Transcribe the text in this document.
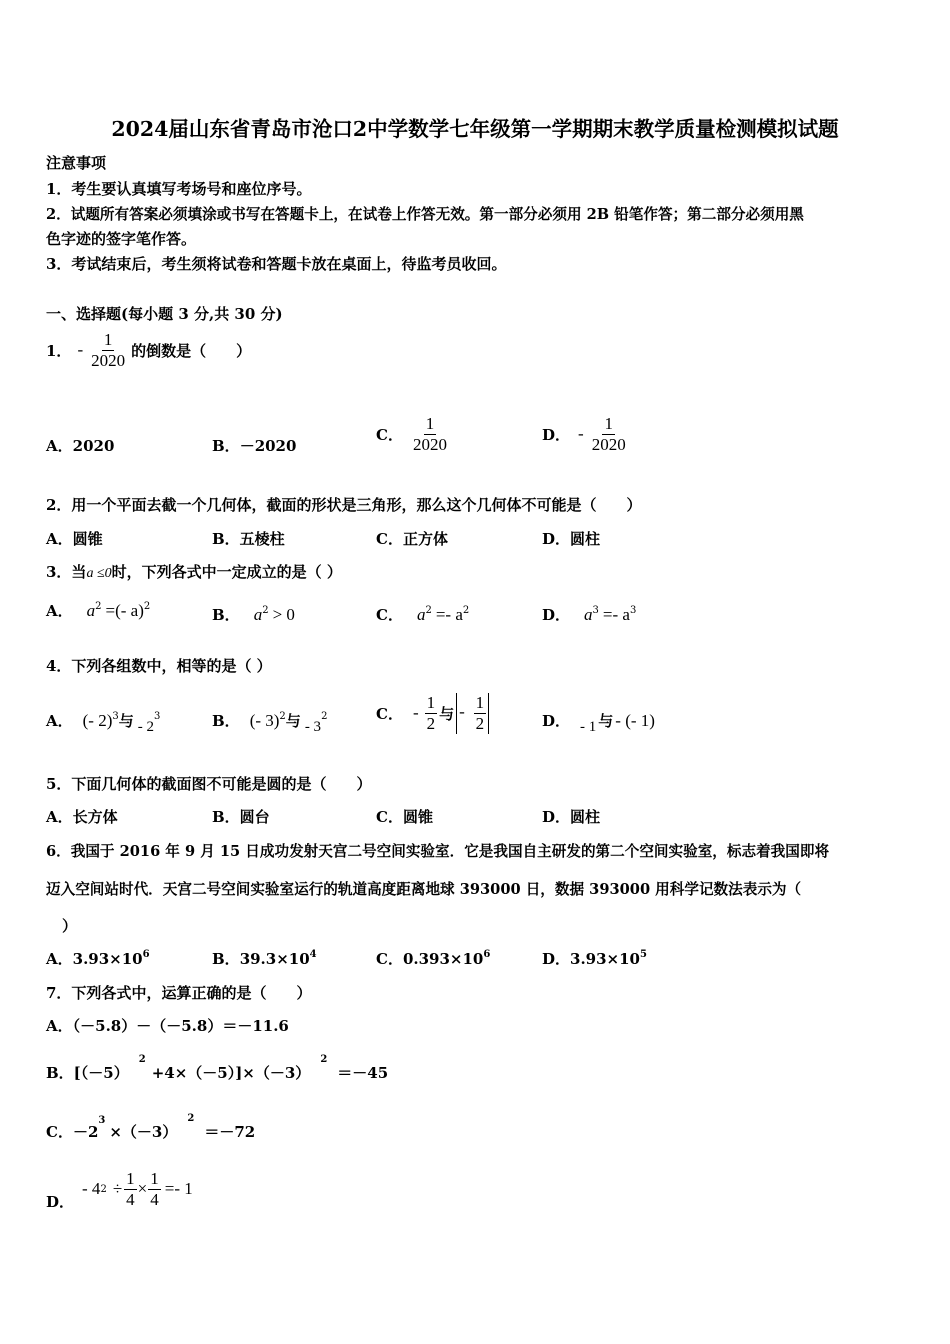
2024届山东省青岛市沧口2中学数学七年级第一学期期末教学质量检测模拟试题
注意事项
1．考生要认真填写考场号和座位序号。
2．试题所有答案必须填涂或书写在答题卡上，在试卷上作答无效。第一部分必须用 2B 铅笔作答；第二部分必须用黑
色字迹的签字笔作答。
3．考试结束后，考生须将试卷和答题卡放在桌面上，待监考员收回。
一、选择题(每小题 3 分,共 30 分)
1． - $\frac{1}{2020}$ 的倒数是（　　）
A．2020	B．－2020
C． $\frac{1}{2020}$	D． - $\frac{1}{2020}$
2．用一个平面去截一个几何体，截面的形状是三角形，那么这个几何体不可能是（　　）
A．圆锥	B．五棱柱	C．正方体	D．圆柱
3．当a ≤0时，下列各式中一定成立的是（ ）
A． $a^2$ =(- a)$^2$	B． $a^2 > 0$	C． $a^2 =- a^2$	D． $a^3 =- a^3$
4．下列各组数中，相等的是（ ）
A． (- 2)$^3$与 - $2^3$	B． (- 3)$^2$与 - $3^2$	C． - $\frac{1}{2}$ 与 - $\frac{1}{2}$	D． - 1 与 - (- 1)
5．下面几何体的截面图不可能是圆的是（　　）
A．长方体	B．圆台	C．圆锥	D．圆柱
6．我国于 2016 年 9 月 15 日成功发射天宫二号空间实验室．它是我国自主研发的第二个空间实验室，标志着我国即将
迈入空间站时代．天宫二号空间实验室运行的轨道高度距离地球 393000 日，数据 393000 用科学记数法表示为（
）
A．$3.93\times 10^6$	B．$39.3\times 10^4$	C．$0.393\times 10^6$	D．$3.93\times 10^5$
7．下列各式中，运算正确的是（　　）
A．（－5.8）－（－5.8）＝－11.6
B．$[(-5)^2+4\times(-5)]\times(-3)^2=-45$
C．$-2^3\times(-3)^2=-72$
D．
- 4 $2 \div \frac{1}{4} \times \frac{1}{4} =- 1$
